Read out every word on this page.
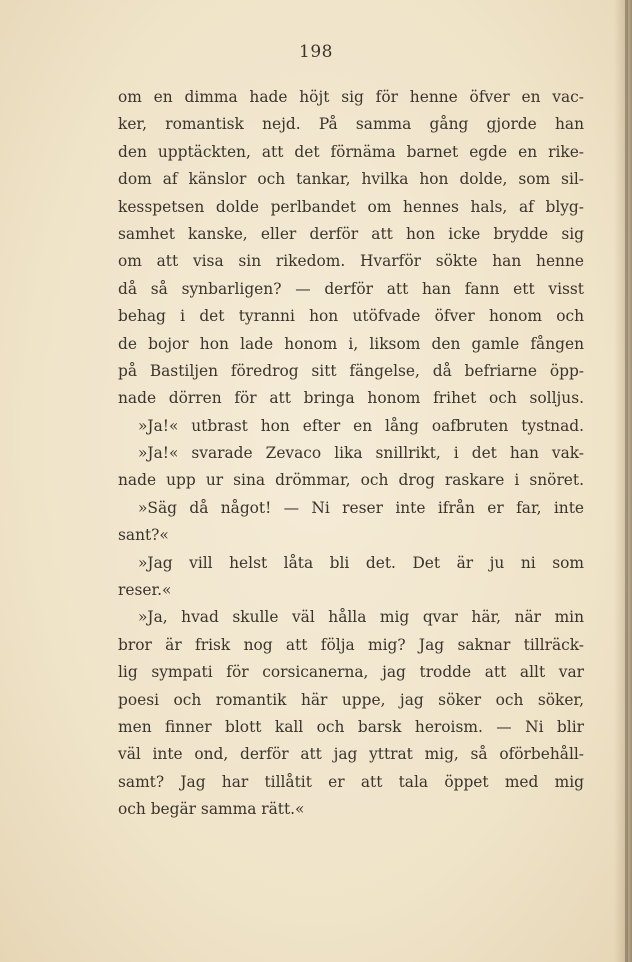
198
om en dimma hade höjt sig för henne öfver en vac-
ker, romantisk nejd. På samma gång gjorde han
den upptäckten, att det förnäma barnet egde en rike-
dom af känslor och tankar, hvilka hon dolde, som sil-
kesspetsen dolde perlbandet om hennes hals, af blyg-
samhet kanske, eller derför att hon icke brydde sig
om att visa sin rikedom. Hvarför sökte han henne
då så synbarligen? — derför att han fann ett visst
behag i det tyranni hon utöfvade öfver honom och
de bojor hon lade honom i, liksom den gamle fången
på Bastiljen föredrog sitt fängelse, då befriarne öpp-
nade dörren för att bringa honom frihet och solljus.
»Ja!« utbrast hon efter en lång oafbruten tystnad.
»Ja!« svarade Zevaco lika snillrikt, i det han vak-
nade upp ur sina drömmar, och drog raskare i snöret.
»Säg då något! — Ni reser inte ifrån er far, inte
sant?«
»Jag vill helst låta bli det. Det är ju ni som
reser.«
»Ja, hvad skulle väl hålla mig qvar här, när min
bror är frisk nog att följa mig? Jag saknar tillräck-
lig sympati för corsicanerna, jag trodde att allt var
poesi och romantik här uppe, jag söker och söker,
men finner blott kall och barsk heroism. — Ni blir
väl inte ond, derför att jag yttrat mig, så oförbehåll-
samt? Jag har tillåtit er att tala öppet med mig
och begär samma rätt.«
